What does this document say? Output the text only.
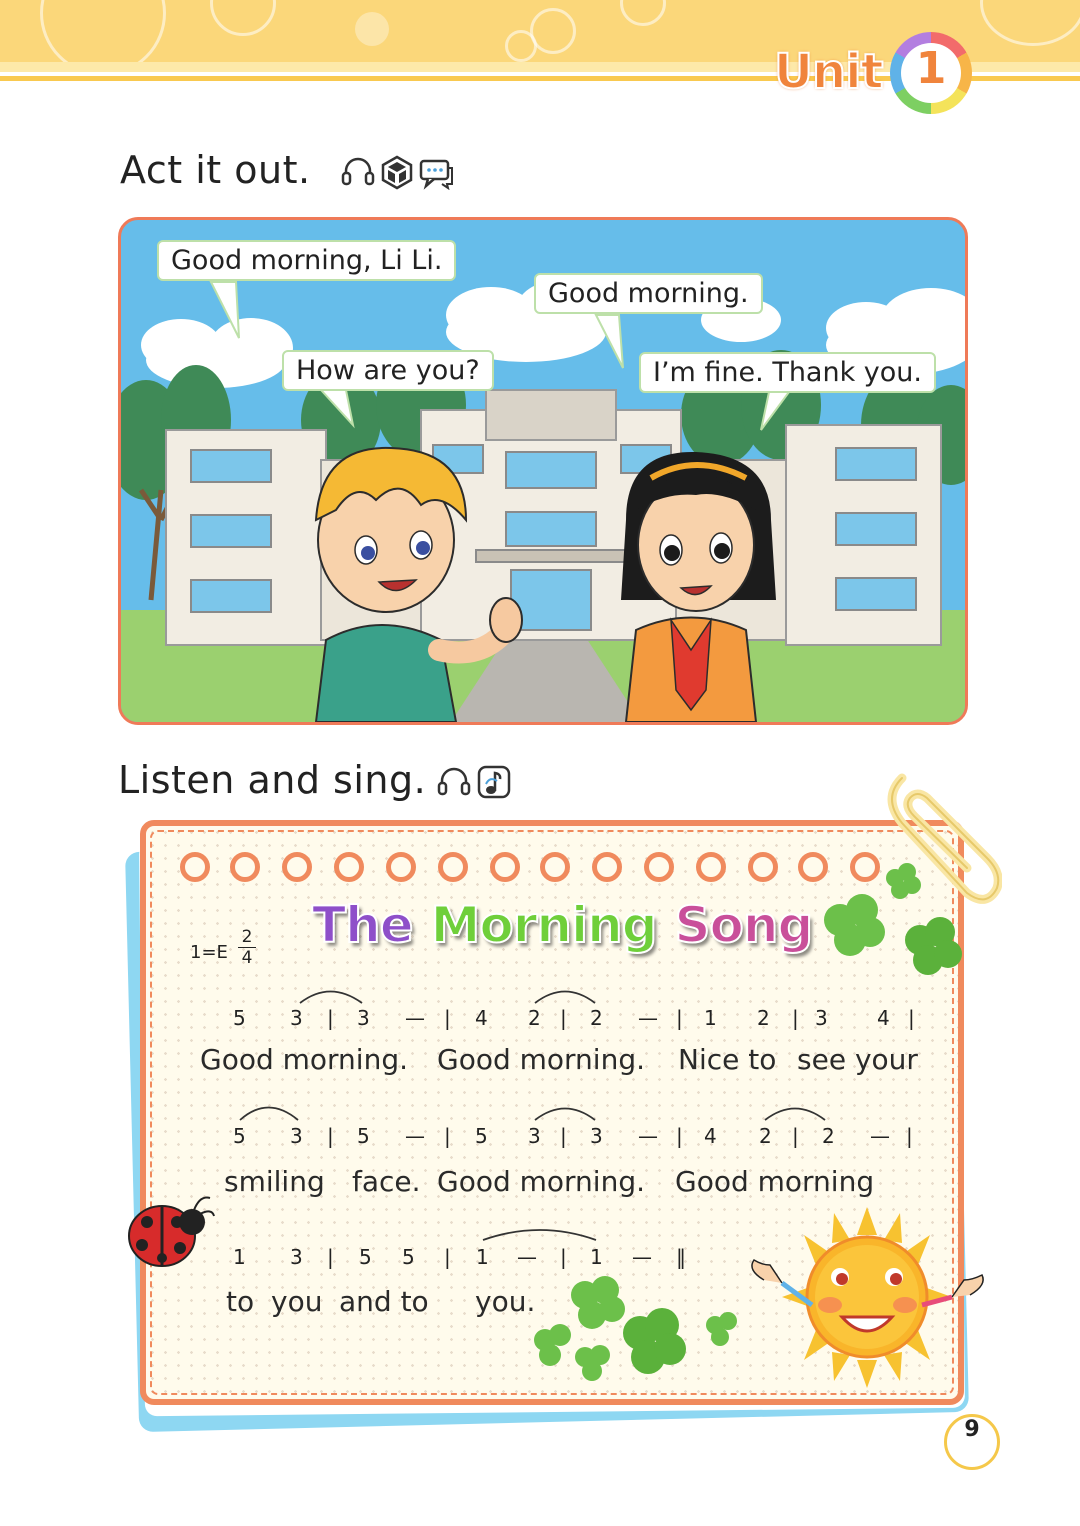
Unit 1
Act it out.
Good morning, Li Li.
Good morning.
How are you?	I’m fine. Thank you.
Listen and sing.
The Morning Song
1=E
2
4
5 3 | 3 — | 4 2 | 2 — | 1 2 | 3 4 |
Good morning. Good morning. Nice to see your
5 3 | 5 — | 5 3 | 3 — | 4 2 | 2 — |
smiling face. Good morning. Good morning
1 3 | 5 5 | 1 — | 1 — ‖
to you and to you.
9
